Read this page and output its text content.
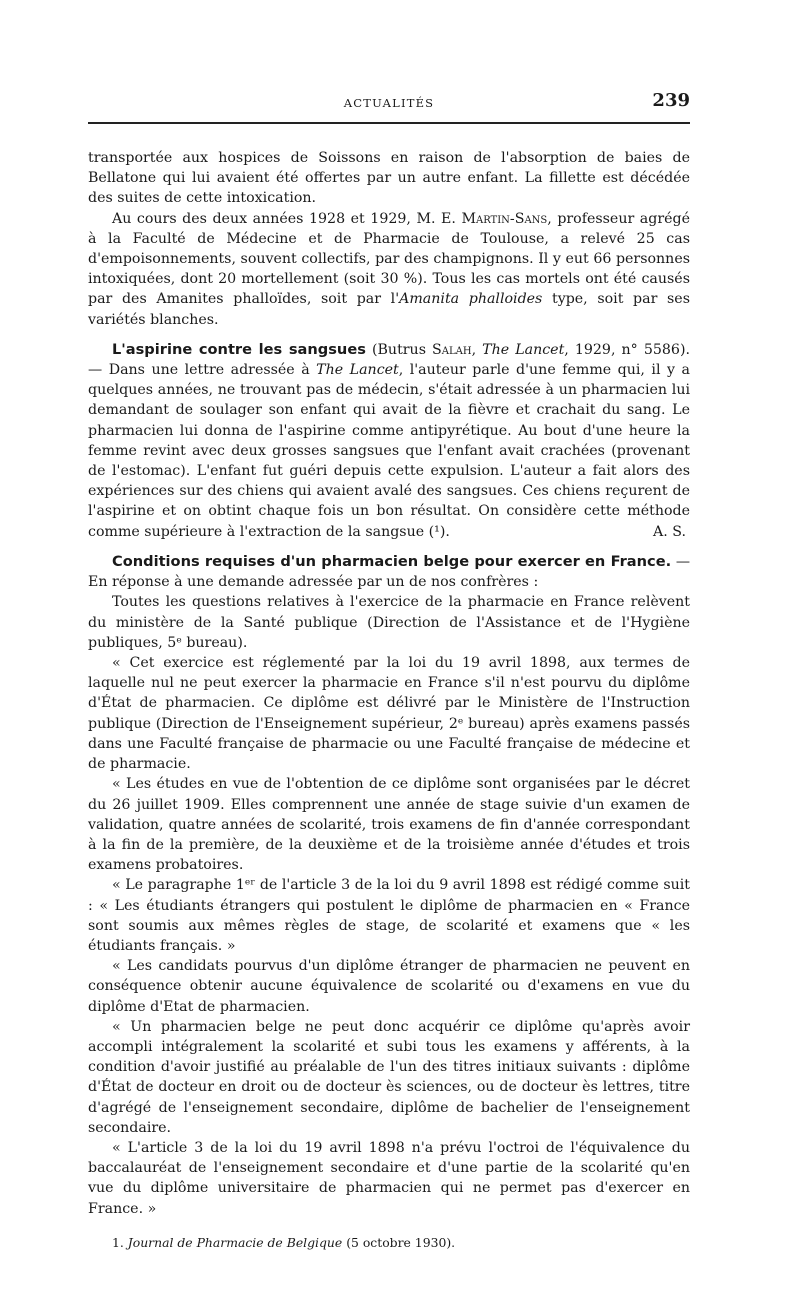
ACTUALITÉS	239

transportée aux hospices de Soissons en raison de l'absorption de baies de Bellatone qui lui avaient été offertes par un autre enfant. La fillette est décédée des suites de cette intoxication.

Au cours des deux années 1928 et 1929, M. E. Martin-Sans, professeur agrégé à la Faculté de Médecine et de Pharmacie de Toulouse, a relevé 25 cas d'empoisonnements, souvent collectifs, par des champignons. Il y eut 66 personnes intoxiquées, dont 20 mortellement (soit 30 %). Tous les cas mortels ont été causés par des Amanites phalloïdes, soit par l'Amanita phalloides type, soit par ses variétés blanches.

L'aspirine contre les sangsues (Butrus Salah, The Lancet, 1929, n° 5586). — Dans une lettre adressée à The Lancet, l'auteur parle d'une femme qui, il y a quelques années, ne trouvant pas de médecin, s'était adressée à un pharmacien lui demandant de soulager son enfant qui avait de la fièvre et crachait du sang. Le pharmacien lui donna de l'aspirine comme antipyrétique. Au bout d'une heure la femme revint avec deux grosses sangsues que l'enfant avait crachées (provenant de l'estomac). L'enfant fut guéri depuis cette expulsion. L'auteur a fait alors des expériences sur des chiens qui avaient avalé des sangsues. Ces chiens reçurent de l'aspirine et on obtint chaque fois un bon résultat. On considère cette méthode comme supérieure à l'extraction de la sangsue (¹).	A. S.

Conditions requises d'un pharmacien belge pour exercer en France. — En réponse à une demande adressée par un de nos confrères :

Toutes les questions relatives à l'exercice de la pharmacie en France relèvent du ministère de la Santé publique (Direction de l'Assistance et de l'Hygiène publiques, 5ᵉ bureau).

« Cet exercice est réglementé par la loi du 19 avril 1898, aux termes de laquelle nul ne peut exercer la pharmacie en France s'il n'est pourvu du diplôme d'État de pharmacien. Ce diplôme est délivré par le Ministère de l'Instruction publique (Direction de l'Enseignement supérieur, 2ᵉ bureau) après examens passés dans une Faculté française de pharmacie ou une Faculté française de médecine et de pharmacie.

« Les études en vue de l'obtention de ce diplôme sont organisées par le décret du 26 juillet 1909. Elles comprennent une année de stage suivie d'un examen de validation, quatre années de scolarité, trois examens de fin d'année correspondant à la fin de la première, de la deuxième et de la troisième année d'études et trois examens probatoires.

« Le paragraphe 1ᵉʳ de l'article 3 de la loi du 9 avril 1898 est rédigé comme suit : « Les étudiants étrangers qui postulent le diplôme de pharmacien en « France sont soumis aux mêmes règles de stage, de scolarité et examens que « les étudiants français. »

« Les candidats pourvus d'un diplôme étranger de pharmacien ne peuvent en conséquence obtenir aucune équivalence de scolarité ou d'examens en vue du diplôme d'Etat de pharmacien.

« Un pharmacien belge ne peut donc acquérir ce diplôme qu'après avoir accompli intégralement la scolarité et subi tous les examens y afférents, à la condition d'avoir justifié au préalable de l'un des titres initiaux suivants : diplôme d'État de docteur en droit ou de docteur ès sciences, ou de docteur ès lettres, titre d'agrégé de l'enseignement secondaire, diplôme de bachelier de l'enseignement secondaire.

« L'article 3 de la loi du 19 avril 1898 n'a prévu l'octroi de l'équivalence du baccalauréat de l'enseignement secondaire et d'une partie de la scolarité qu'en vue du diplôme universitaire de pharmacien qui ne permet pas d'exercer en France. »

1. Journal de Pharmacie de Belgique (5 octobre 1930).
